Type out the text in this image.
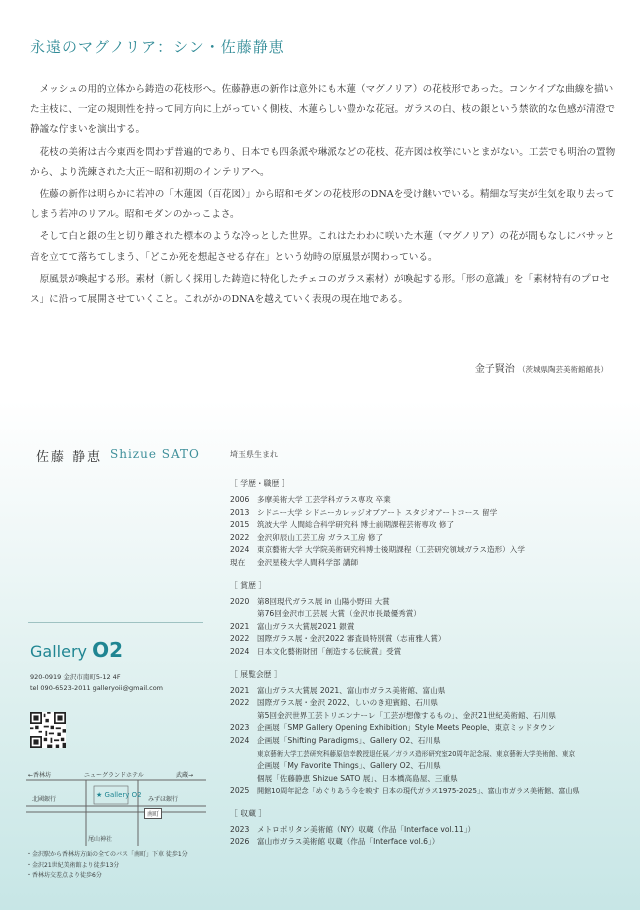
永遠のマグノリア：シン・佐藤静恵

メッシュの用的立体から鋳造の花枝形へ。佐藤静恵の新作は意外にも木蓮（マグノリア）の花枝形であった。コンケイブな曲線を描いた主枝に、一定の規則性を持って同方向に上がっていく側枝、木蓮らしい豊かな花冠。ガラスの白、枝の銀という禁欲的な色感が清澄で静謐な佇まいを演出する。

花枝の美術は古今東西を問わず普遍的であり、日本でも四条派や琳派などの花枝、花卉図は枚挙にいとまがない。工芸でも明治の置物から、より洗練された大正〜昭和初期のインテリアへ。

佐藤の新作は明らかに若冲の「木蓮図（百花図）」から昭和モダンの花枝形のDNAを受け継いでいる。精細な写実が生気を取り去ってしまう若冲のリアル。昭和モダンのかっこよさ。

そして白と銀の生と切り離された標本のような冷っとした世界。これはたわわに咲いた木蓮（マグノリア）の花が間もなしにバサッと音を立てて落ちてしまう、「どこか死を想起させる存在」という幼時の原風景が関わっている。

原風景が喚起する形。素材（新しく採用した鋳造に特化したチェコのガラス素材）が喚起する形。「形の意識」を「素材特有のプロセス」に沿って展開させていくこと。これがかのDNAを越えていく表現の現在地である。

金子賢治 （茨城県陶芸美術館館長）
佐藤 静恵 Shizue SATO	埼玉県生まれ
［ 学歴・職歴 ］
2006	多摩美術大学 工芸学科ガラス専攻 卒業
2013	シドニー大学 シドニーカレッジオブアート スタジオアートコース 留学
2015	筑波大学 人間総合科学研究科 博士前期課程芸術専攻 修了
2022	金沢卯辰山工芸工房 ガラス工房 修了
2024	東京藝術大学 大学院美術研究科博士後期課程（工芸研究領域ガラス造形）入学
現在	金沢星稜大学人間科学部 講師
［ 賞歴 ］
2020	第8回現代ガラス展 in 山陽小野田 大賞
第76回金沢市工芸展 大賞（金沢市長最優秀賞）
2021	富山ガラス大賞展2021 銀賞
2022	国際ガラス展・金沢2022 審査員特別賞（志甫雅人賞）
2024	日本文化藝術財団「創造する伝統賞」受賞
［ 展覧会歴 ］
2021	富山ガラス大賞展 2021、富山市ガラス美術館、富山県
2022	国際ガラス展・金沢 2022、しいのき迎賓館、石川県
第5回金沢世界工芸トリエンナーレ「工芸が想像するもの」、金沢21世紀美術館、石川県
2023	企画展「SMP Gallery Opening Exhibition」Style Meets People、東京ミッドタウン
2024	企画展「Shifting Paradigms」、Gallery O2、石川県
東京藝術大学工芸研究科藤原信幸教授退任展／ガラス造形研究室20周年記念展、東京藝術大学美術館、東京
企画展「My Favorite Things」、Gallery O2、石川県
個展「佐藤静恵 Shizue SATO 展」、日本橋高島屋、三重県
2025	開館10周年記念「めぐりあう今を映す 日本の現代ガラス1975-2025」、富山市ガラス美術館、富山県
［ 収蔵 ］
2023	メトロポリタン美術館（NY）収蔵（作品「Interface vol.11」）
2026	富山市ガラス美術館 収蔵（作品「Interface vol.6」）
Gallery O2
920-0919 金沢市南町5-12 4F
tel 090-6523-2011 galleryoii@gmail.com
←香林坊	ニューグランドホテル	武蔵→
北國銀行	みずほ銀行
★ Gallery O2
南町
尾山神社
・金沢駅から香林坊方面の全てのバス「南町」下車 徒歩1分
・金沢21世紀美術館より徒歩13分
・香林坊交差点より徒歩6分
